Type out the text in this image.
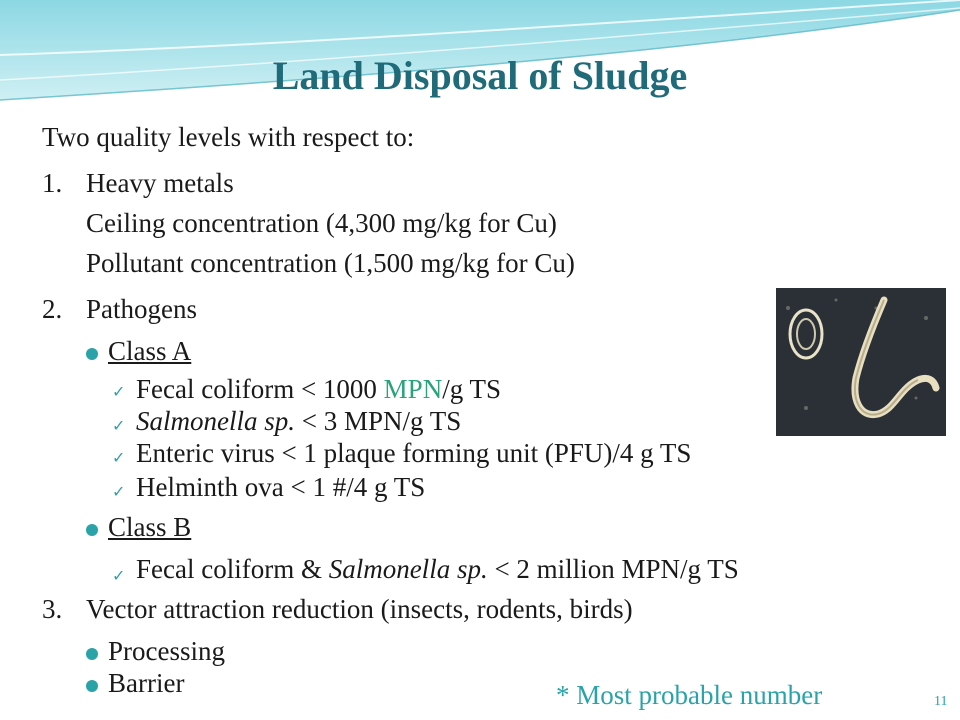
Land Disposal of Sludge
Two quality levels with respect to:
1. Heavy metals
Ceiling concentration (4,300 mg/kg for Cu)
Pollutant concentration (1,500 mg/kg for Cu)
2. Pathogens
Class A
✓ Fecal coliform < 1000 MPN/g TS
✓ Salmonella sp. < 3 MPN/g TS
✓ Enteric virus < 1 plaque forming unit (PFU)/4 g TS
✓ Helminth ova < 1 #/4 g TS
Class B
✓ Fecal coliform & Salmonella sp. < 2 million MPN/g TS
3. Vector attraction reduction (insects, rodents, birds)
Processing
Barrier	* Most probable number	11
